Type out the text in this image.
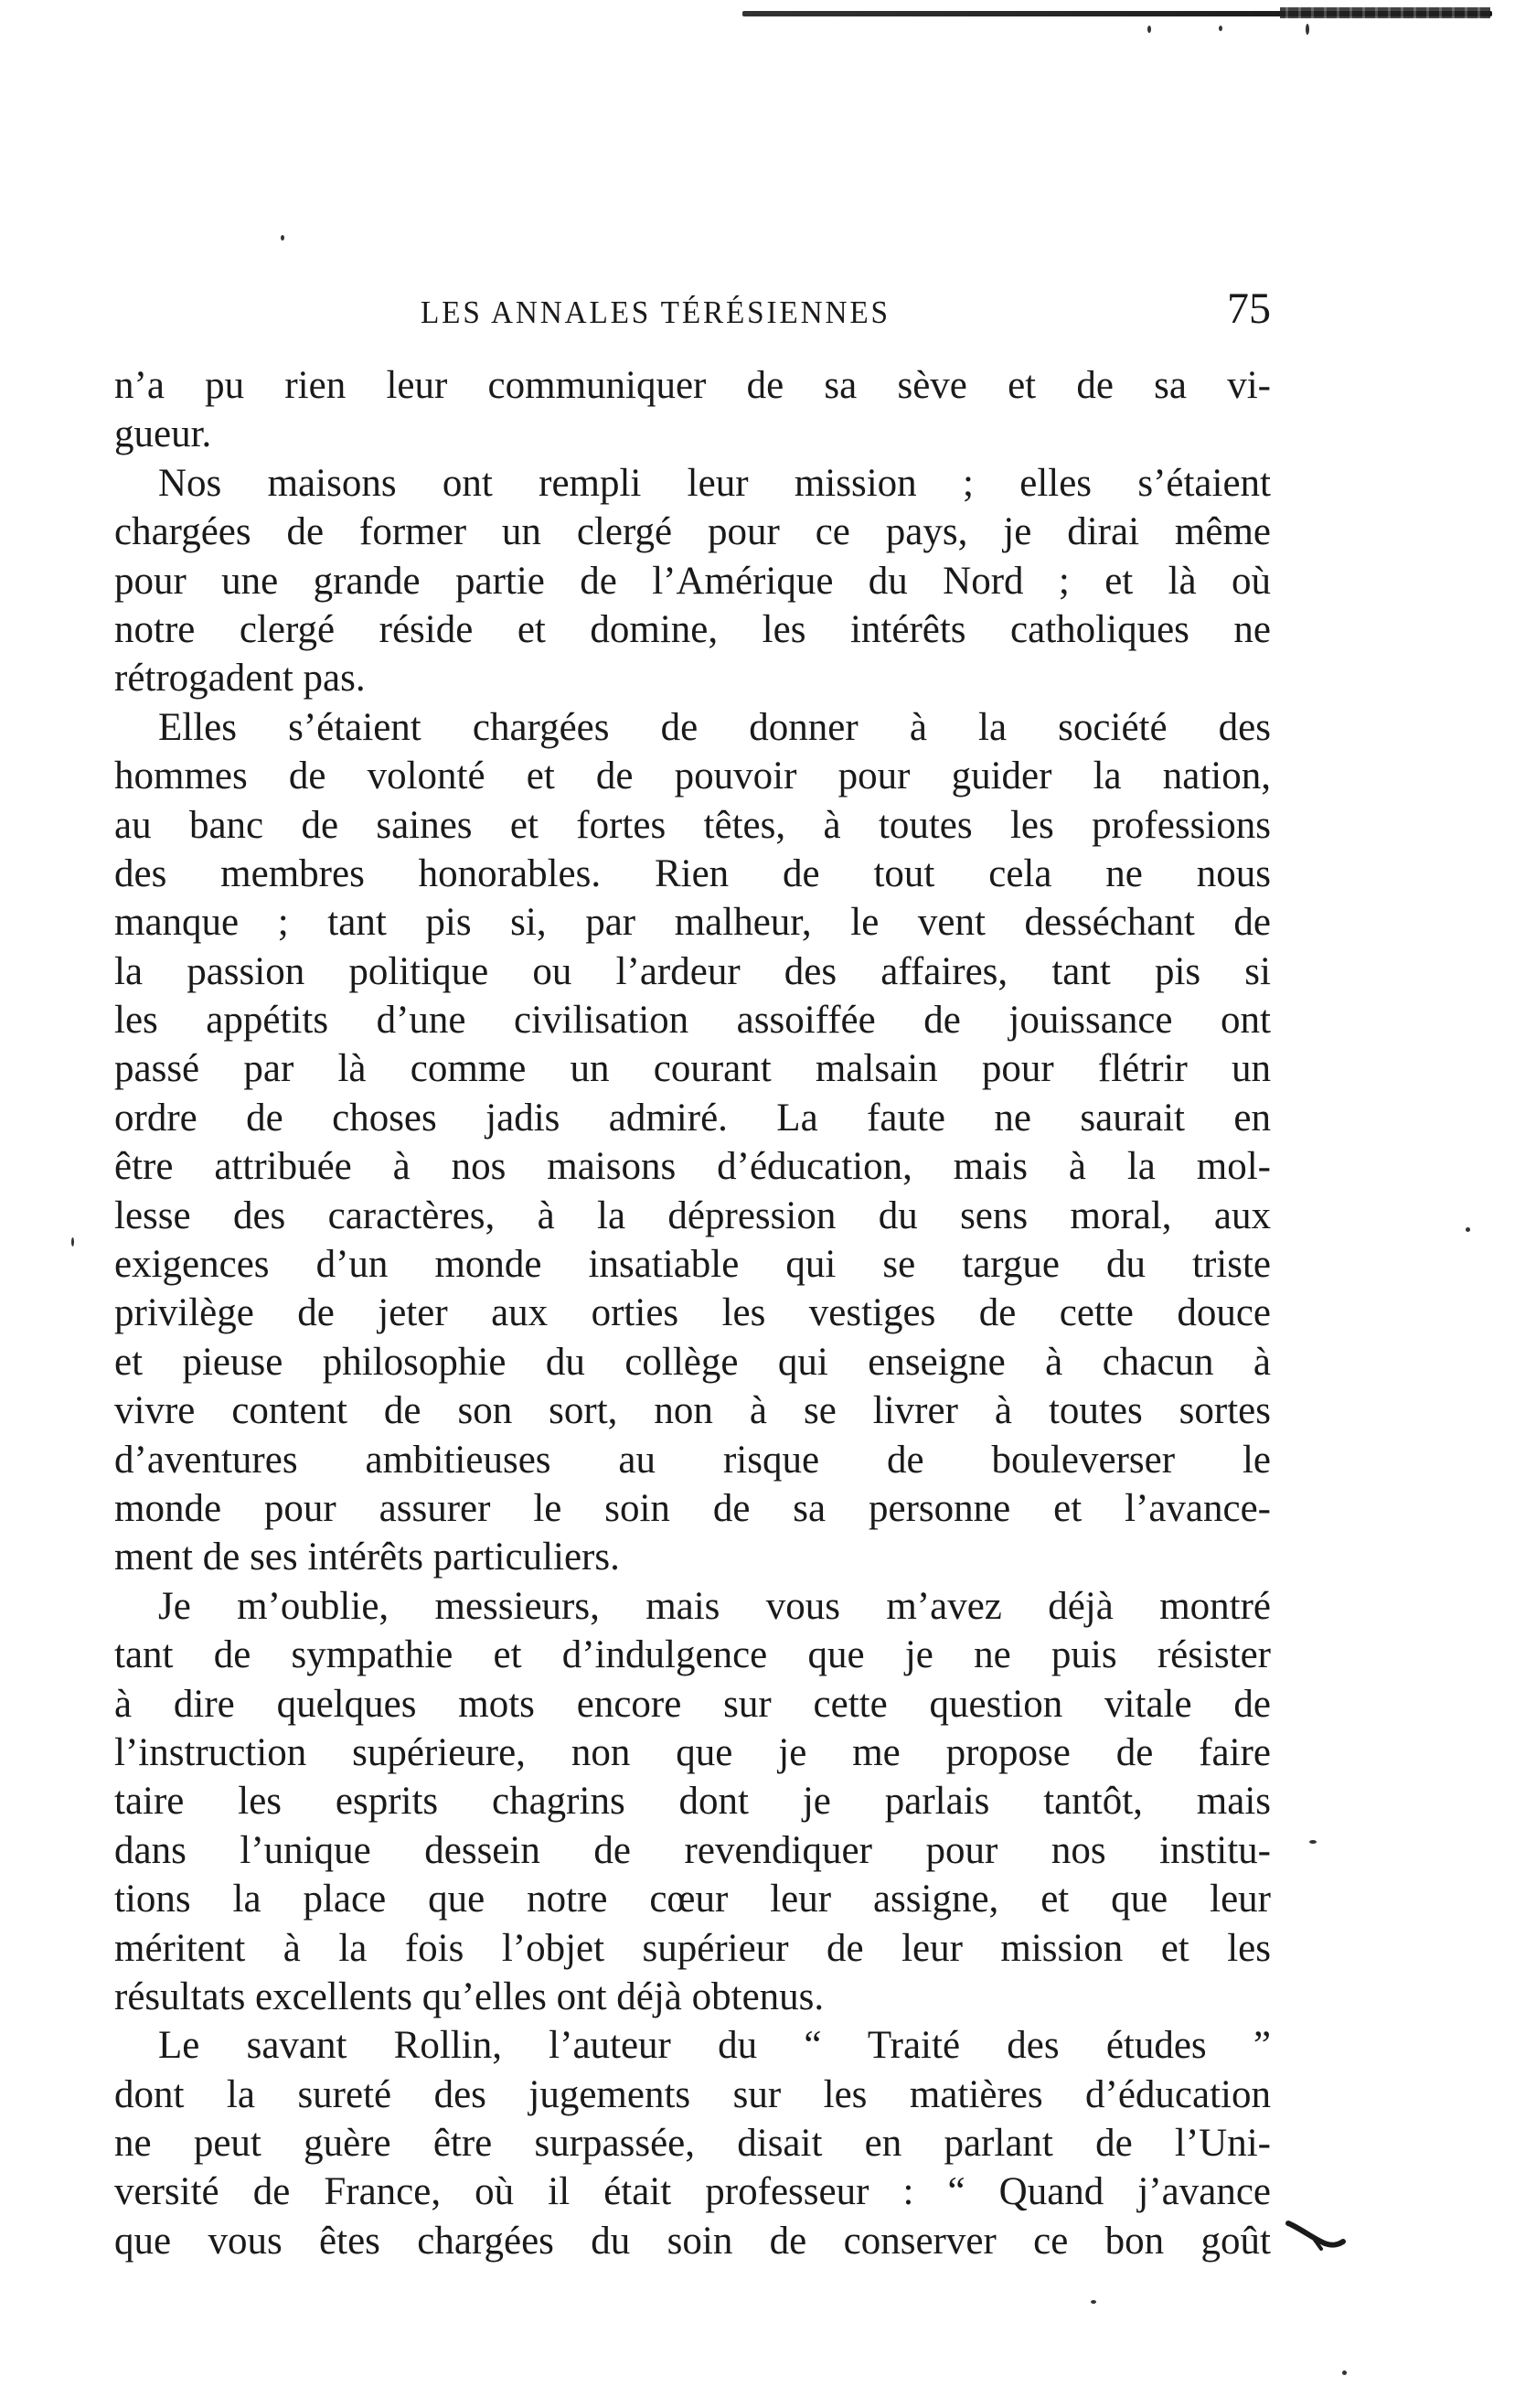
LES ANNALES TÉRÉSIENNES	75
n’a pu rien leur communiquer de sa sève et de sa vi-
gueur.
Nos maisons ont rempli leur mission ; elles s’étaient
chargées de former un clergé pour ce pays, je dirai même
pour une grande partie de l’Amérique du Nord ; et là où
notre clergé réside et domine, les intérêts catholiques ne
rétrogadent pas.
Elles s’étaient chargées de donner à la société des
hommes de volonté et de pouvoir pour guider la nation,
au banc de saines et fortes têtes, à toutes les professions
des membres honorables. Rien de tout cela ne nous
manque ; tant pis si, par malheur, le vent desséchant de
la passion politique ou l’ardeur des affaires, tant pis si
les appétits d’une civilisation assoiffée de jouissance ont
passé par là comme un courant malsain pour flétrir un
ordre de choses jadis admiré. La faute ne saurait en
être attribuée à nos maisons d’éducation, mais à la mol-
lesse des caractères, à la dépression du sens moral, aux
exigences d’un monde insatiable qui se targue du triste
privilège de jeter aux orties les vestiges de cette douce
et pieuse philosophie du collège qui enseigne à chacun à
vivre content de son sort, non à se livrer à toutes sortes
d’aventures ambitieuses au risque de bouleverser le
monde pour assurer le soin de sa personne et l’avance-
ment de ses intérêts particuliers.
Je m’oublie, messieurs, mais vous m’avez déjà montré
tant de sympathie et d’indulgence que je ne puis résister
à dire quelques mots encore sur cette question vitale de
l’instruction supérieure, non que je me propose de faire
taire les esprits chagrins dont je parlais tantôt, mais
dans l’unique dessein de revendiquer pour nos institu-
tions la place que notre cœur leur assigne, et que leur
méritent à la fois l’objet supérieur de leur mission et les
résultats excellents qu’elles ont déjà obtenus.
Le savant Rollin, l’auteur du “ Traité des études ”
dont la sureté des jugements sur les matières d’éducation
ne peut guère être surpassée, disait en parlant de l’Uni-
versité de France, où il était professeur : “ Quand j’avance
que vous êtes chargées du soin de conserver ce bon goût
